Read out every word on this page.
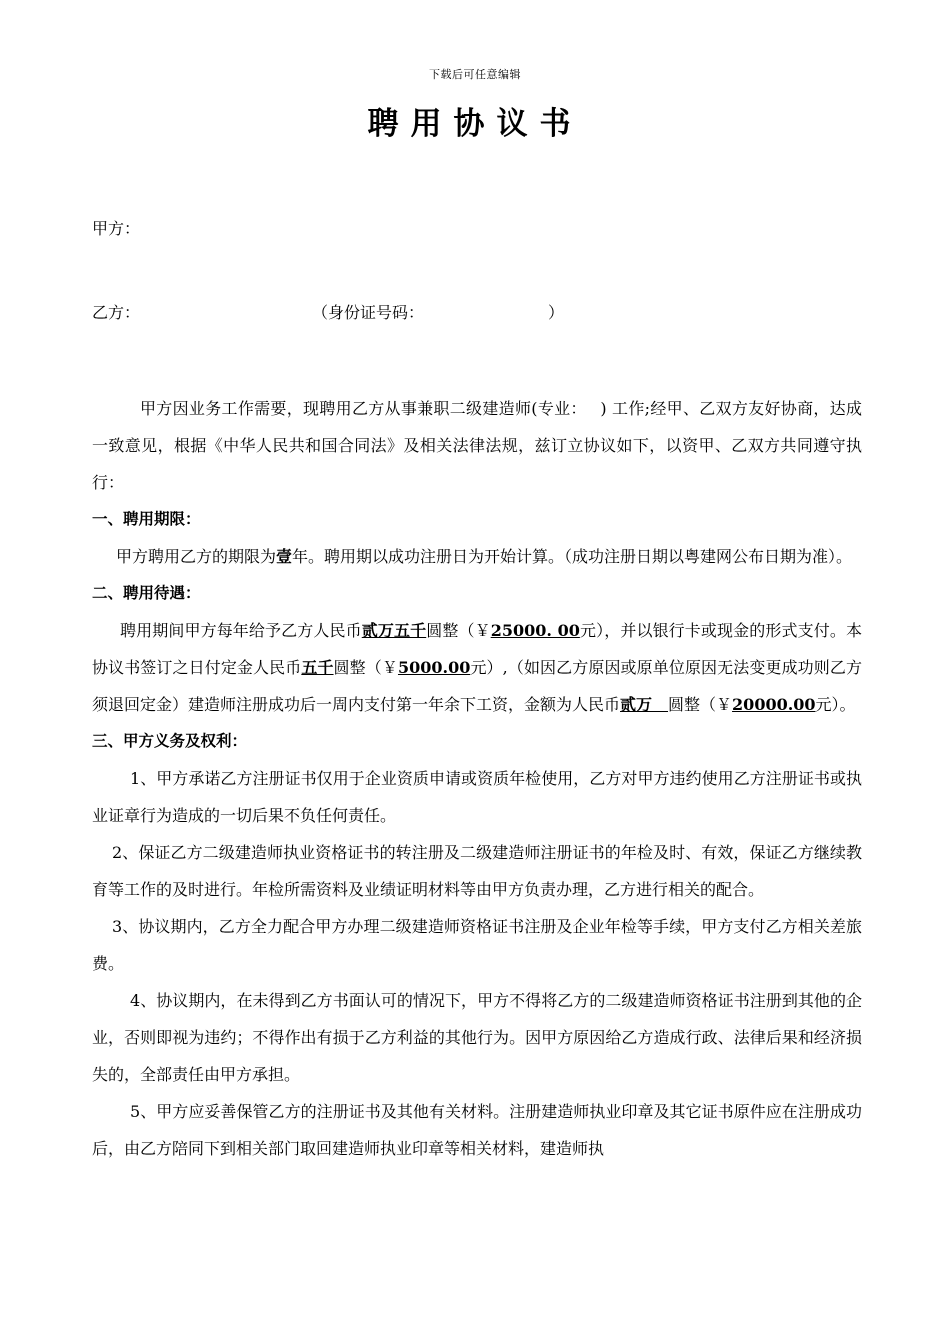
下载后可任意编辑
聘用协议书
甲方：
乙方：	（身份证号码：	）

甲方因业务工作需要，现聘用乙方从事兼职二级建造师(专业：　 ) 工作;经甲、乙双方友好协商，达成一致意见，根据《中华人民共和国合同法》及相关法律法规，兹订立协议如下，以资甲、乙双方共同遵守执行：

一、聘用期限：

甲方聘用乙方的期限为壹年。聘用期以成功注册日为开始计算。（成功注册日期以粤建网公布日期为准）。

二、聘用待遇：

聘用期间甲方每年给予乙方人民币贰万五千圆整（￥25000. 00元），并以银行卡或现金的形式支付。本协议书签订之日付定金人民币五千圆整（￥5000.00元）,（如因乙方原因或原单位原因无法变更成功则乙方须退回定金）建造师注册成功后一周内支付第一年余下工资，金额为人民币贰万　圆整（￥20000.00元）。

三、甲方义务及权利：

1、甲方承诺乙方注册证书仅用于企业资质申请或资质年检使用，乙方对甲方违约使用乙方注册证书或执业证章行为造成的一切后果不负任何责任。

2、保证乙方二级建造师执业资格证书的转注册及二级建造师注册证书的年检及时、有效，保证乙方继续教育等工作的及时进行。年检所需资料及业绩证明材料等由甲方负责办理，乙方进行相关的配合。

3、协议期内，乙方全力配合甲方办理二级建造师资格证书注册及企业年检等手续，甲方支付乙方相关差旅费。

4、协议期内，在未得到乙方书面认可的情况下，甲方不得将乙方的二级建造师资格证书注册到其他的企业，否则即视为违约；不得作出有损于乙方利益的其他行为。因甲方原因给乙方造成行政、法律后果和经济损失的，全部责任由甲方承担。

5、甲方应妥善保管乙方的注册证书及其他有关材料。注册建造师执业印章及其它证书原件应在注册成功后，由乙方陪同下到相关部门取回建造师执业印章等相关材料，建造师执
